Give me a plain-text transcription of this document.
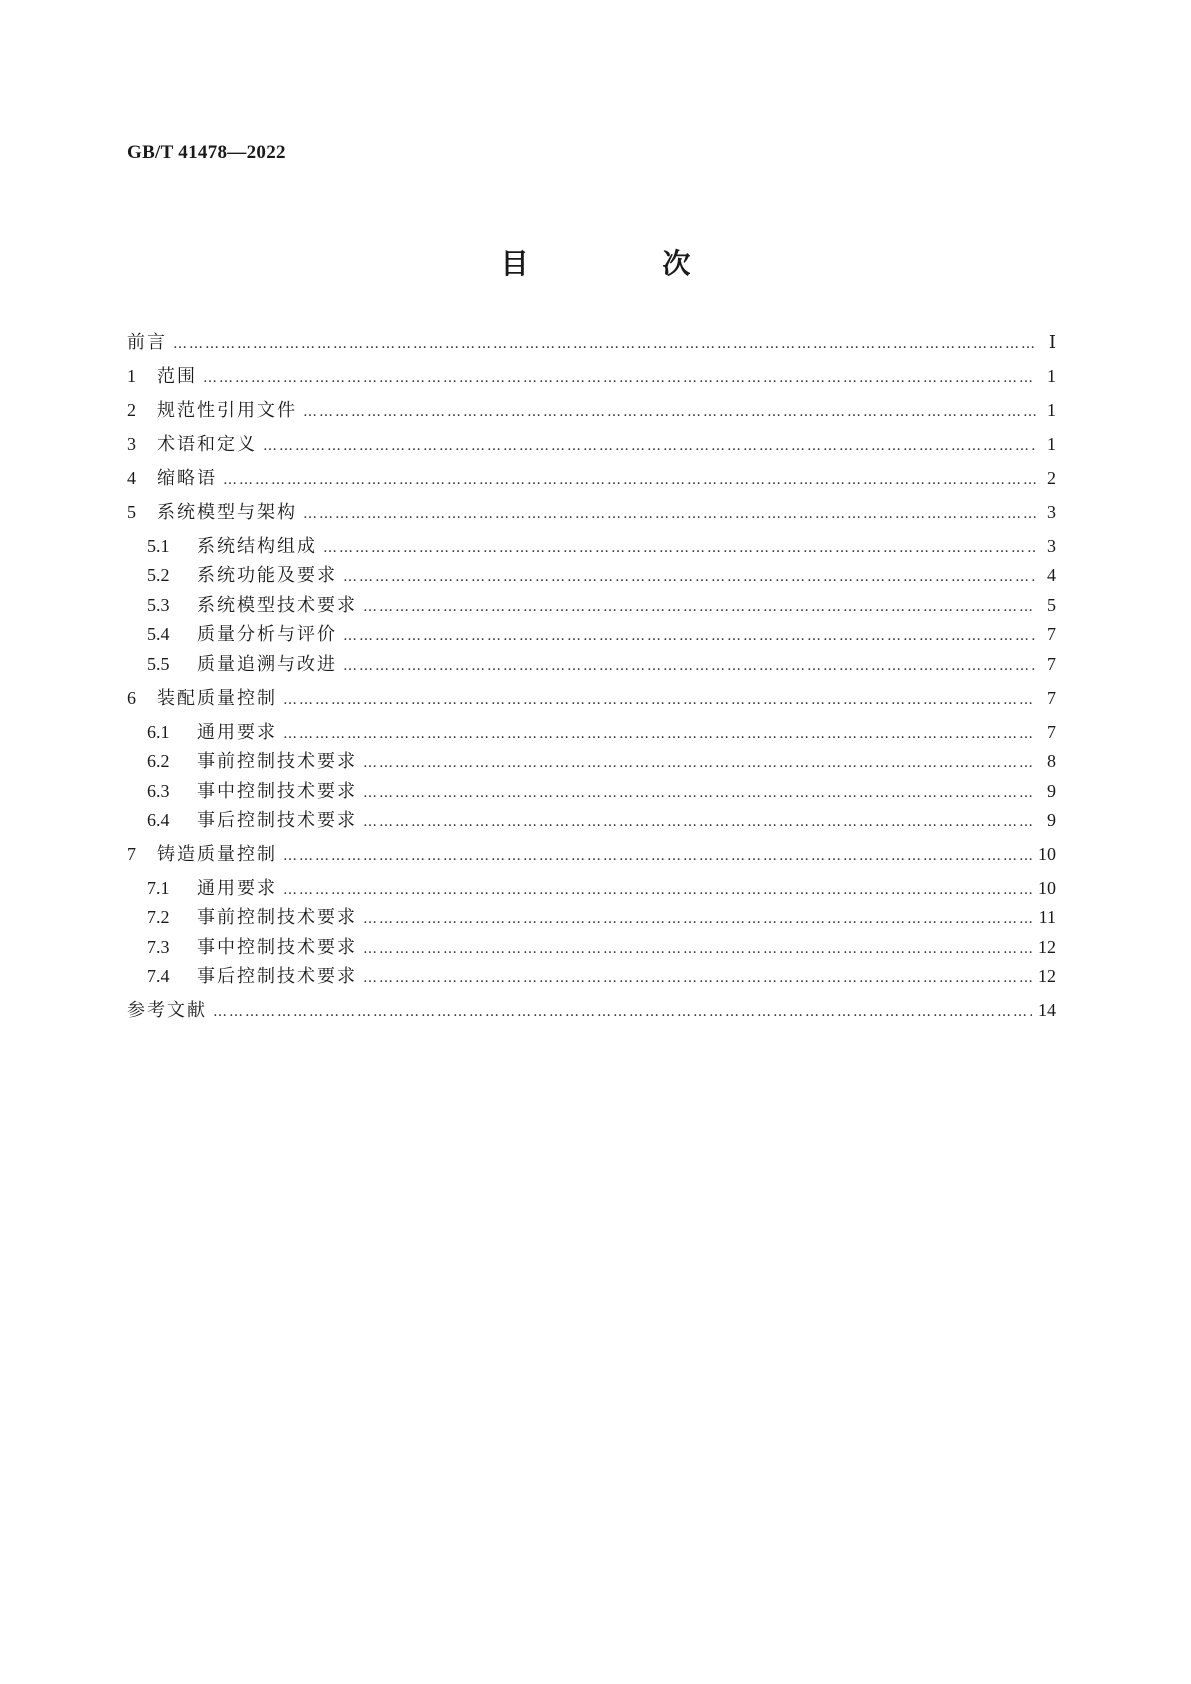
GB/T 41478—2022
目 次
前言 …………………………………………………………………………………………………………………………………………………………………………………………………………………	Ⅰ
1	范围 …………………………………………………………………………………………………………………………………………………………………………………………………………………	1
2	规范性引用文件 …………………………………………………………………………………………………………………………………………………………………………………………………………………	1
3	术语和定义 …………………………………………………………………………………………………………………………………………………………………………………………………………………	1
4	缩略语 …………………………………………………………………………………………………………………………………………………………………………………………………………………	2
5	系统模型与架构 …………………………………………………………………………………………………………………………………………………………………………………………………………………	3
5.1	系统结构组成 …………………………………………………………………………………………………………………………………………………………………………………………………………………	3
5.2	系统功能及要求 …………………………………………………………………………………………………………………………………………………………………………………………………………………	4
5.3	系统模型技术要求 …………………………………………………………………………………………………………………………………………………………………………………………………………………	5
5.4	质量分析与评价 …………………………………………………………………………………………………………………………………………………………………………………………………………………	7
5.5	质量追溯与改进 …………………………………………………………………………………………………………………………………………………………………………………………………………………	7
6	装配质量控制 …………………………………………………………………………………………………………………………………………………………………………………………………………………	7
6.1	通用要求 …………………………………………………………………………………………………………………………………………………………………………………………………………………	7
6.2	事前控制技术要求 …………………………………………………………………………………………………………………………………………………………………………………………………………………	8
6.3	事中控制技术要求 …………………………………………………………………………………………………………………………………………………………………………………………………………………	9
6.4	事后控制技术要求 …………………………………………………………………………………………………………………………………………………………………………………………………………………	9
7	铸造质量控制 …………………………………………………………………………………………………………………………………………………………………………………………………………………	10
7.1	通用要求 …………………………………………………………………………………………………………………………………………………………………………………………………………………	10
7.2	事前控制技术要求 …………………………………………………………………………………………………………………………………………………………………………………………………………………	11
7.3	事中控制技术要求 …………………………………………………………………………………………………………………………………………………………………………………………………………………	12
7.4	事后控制技术要求 …………………………………………………………………………………………………………………………………………………………………………………………………………………	12
参考文献 …………………………………………………………………………………………………………………………………………………………………………………………………………………	14
